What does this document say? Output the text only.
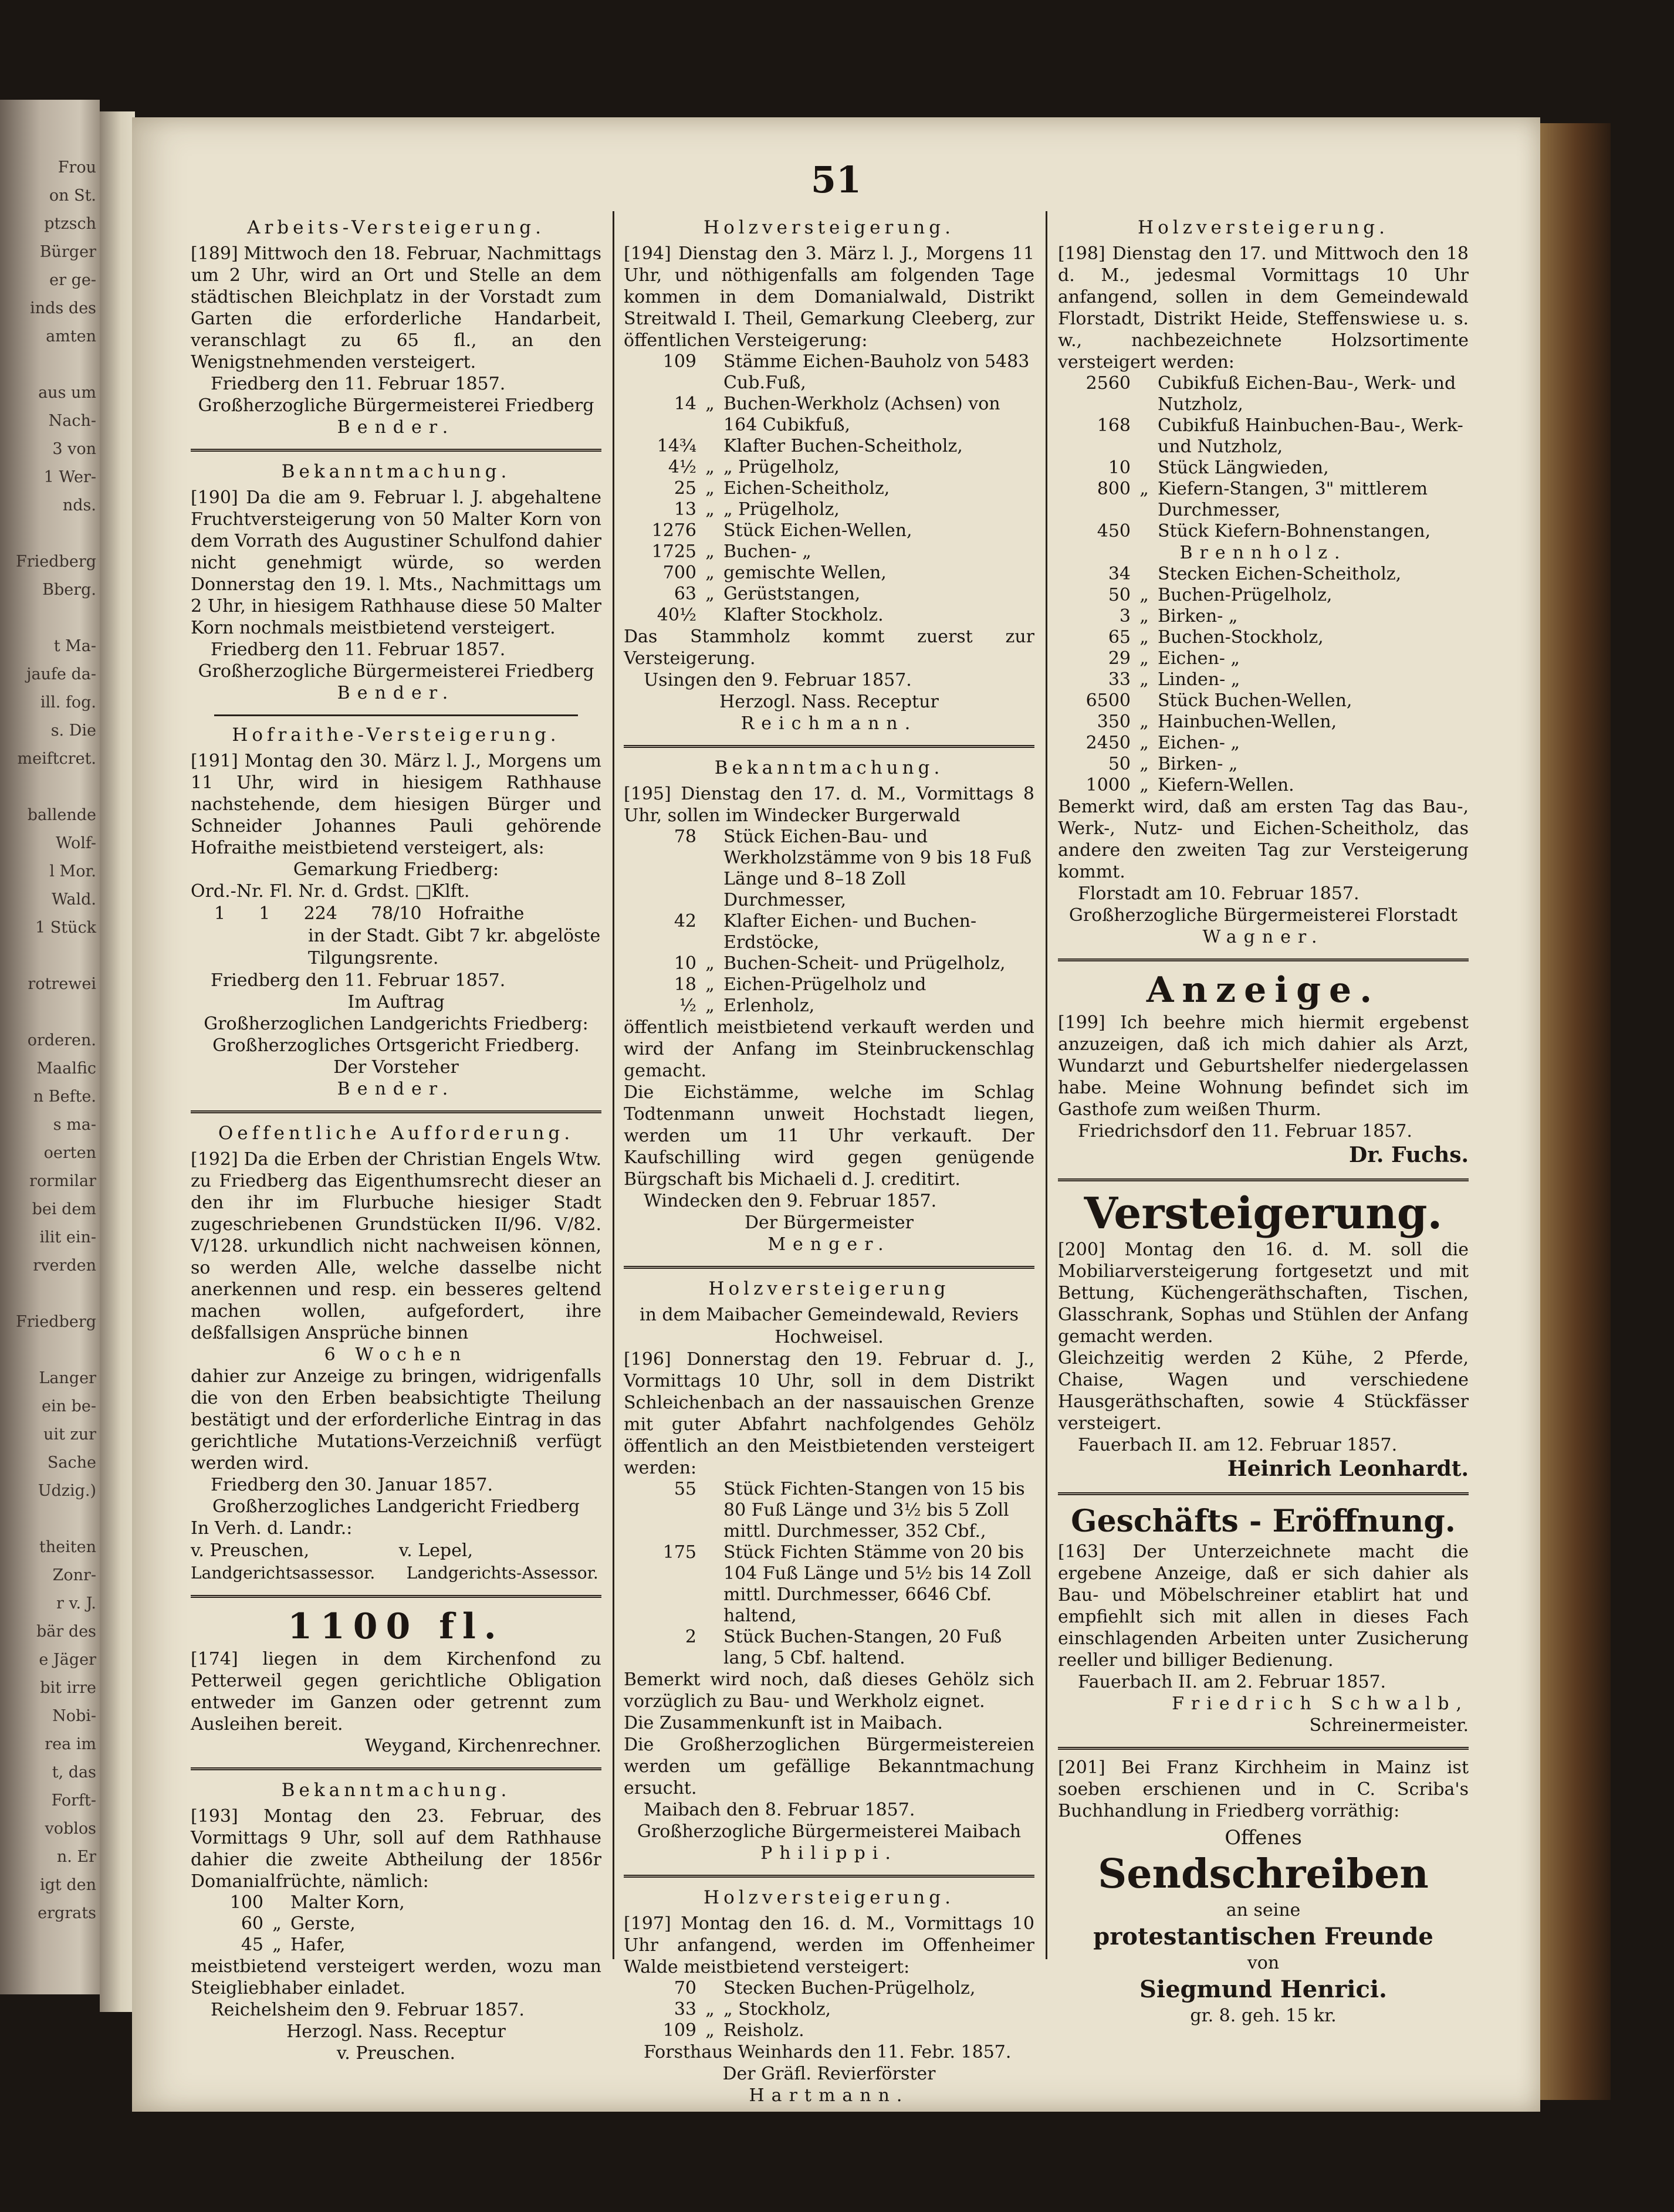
Frou
on St.
ptzsch
Bürger
er ge-
inds des
amten
aus um
Nach-
3 von
1 Wer-
nds.
Friedberg
Bberg.
t Ma-
jaufe da-
ill. fog.
s. Die
meiftcret.
ballende
Wolf-
l Mor.
Wald.
1 Stück
rotrewei
orderen.
Maalfic
n Befte.
s ma-
oerten
rormilar
bei dem
ilit ein-
rverden
Friedberg
Langer
ein be-
uit zur
Sache
Udzig.)
theiten
Zonr-
r v. J.
bär des
e Jäger
bit irre
Nobi-
rea im
t, das
Forft-
voblos
n. Er
igt den
ergrats
51
Arbeits-Versteigerung.

[189] Mittwoch den 18. Februar, Nachmittags um 2 Uhr, wird an Ort und Stelle an dem städtischen Bleichplatz in der Vorstadt zum Garten die erforderliche Handarbeit, veranschlagt zu 65 fl., an den Wenigstnehmenden versteigert.

Friedberg den 11. Februar 1857.
Großherzogliche Bürgermeisterei Friedberg
Bender.
Bekanntmachung.

[190] Da die am 9. Februar l. J. abgehaltene Fruchtversteigerung von 50 Malter Korn von dem Vorrath des Augustiner Schulfond dahier nicht genehmigt würde, so werden Donnerstag den 19. l. Mts., Nachmittags um 2 Uhr, in hiesigem Rathhause diese 50 Malter Korn nochmals meistbietend versteigert.

Friedberg den 11. Februar 1857.
Großherzogliche Bürgermeisterei Friedberg
Bender.
Hofraithe-Versteigerung.

[191] Montag den 30. März l. J., Morgens um 11 Uhr, wird in hiesigem Rathhause nachstehende, dem hiesigen Bürger und Schneider Johannes Pauli gehörende Hofraithe meistbietend versteigert, als:

Gemarkung Friedberg:
Ord.-Nr. Fl. Nr. d. Grdst. □Klft.
1      1      224      78/10   Hofraithe
in der Stadt. Gibt 7 kr. abgelöste Tilgungsrente.
Friedberg den 11. Februar 1857.
Im Auftrag
Großherzoglichen Landgerichts Friedberg:
Großherzogliches Ortsgericht Friedberg.
Der Vorsteher
Bender.
Oeffentliche Aufforderung.

[192] Da die Erben der Christian Engels Wtw. zu Friedberg das Eigenthumsrecht dieser an den ihr im Flurbuche hiesiger Stadt zugeschriebenen Grundstücken II/96. V/82. V/128. urkundlich nicht nachweisen können, so werden Alle, welche dasselbe nicht anerkennen und resp. ein besseres geltend machen wollen, aufgefordert, ihre deßfallsigen Ansprüche binnen

6 Wochen

dahier zur Anzeige zu bringen, widrigenfalls die von den Erben beabsichtigte Theilung bestätigt und der erforderliche Eintrag in das gerichtliche Mutations-Verzeichniß verfügt werden wird.

Friedberg den 30. Januar 1857.
Großherzogliches Landgericht Friedberg
In Verh. d. Landr.:
v. Preuschen,                v. Lepel,
Landgerichtsassessor.      Landgerichts-Assessor.
1100 fl.

[174] liegen in dem Kirchenfond zu Petterweil gegen gerichtliche Obligation entweder im Ganzen oder getrennt zum Ausleihen bereit.

Weygand, Kirchenrechner.
Bekanntmachung.

[193] Montag den 23. Februar, des Vormittags 9 Uhr, soll auf dem Rathhause dahier die zweite Abtheilung der 1856r Domanialfrüchte, nämlich:

100		Malter Korn,
60	„	Gerste,
45	„	Hafer,

meistbietend versteigert werden, wozu man Steigliebhaber einladet.

Reichelsheim den 9. Februar 1857.
Herzogl. Nass. Receptur
v. Preuschen.
Holzversteigerung.

[194] Dienstag den 3. März l. J., Morgens 11 Uhr, und nöthigenfalls am folgenden Tage kommen in dem Domanialwald, Distrikt Streitwald I. Theil, Gemarkung Cleeberg, zur öffentlichen Versteigerung:

109		Stämme Eichen-Bauholz von 5483 Cub.Fuß,
14	„	Buchen-Werkholz (Achsen) von 164 Cubikfuß,
14¾		Klafter Buchen-Scheitholz,
4½	„	„ Prügelholz,
25	„	Eichen-Scheitholz,
13	„	„ Prügelholz,
1276		Stück Eichen-Wellen,
1725	„	Buchen- „
700	„	gemischte Wellen,
63	„	Gerüststangen,
40½		Klafter Stockholz.

Das Stammholz kommt zuerst zur Versteigerung.

Usingen den 9. Februar 1857.
Herzogl. Nass. Receptur
Reichmann.
Bekanntmachung.

[195] Dienstag den 17. d. M., Vormittags 8 Uhr, sollen im Windecker Burgerwald

78		Stück Eichen-Bau- und Werkholzstämme von 9 bis 18 Fuß Länge und 8–18 Zoll Durchmesser,
42		Klafter Eichen- und Buchen-Erdstöcke,
10	„	Buchen-Scheit- und Prügelholz,
18	„	Eichen-Prügelholz und
½	„	Erlenholz,

öffentlich meistbietend verkauft werden und wird der Anfang im Steinbruckenschlag gemacht.

Die Eichstämme, welche im Schlag Todtenmann unweit Hochstadt liegen, werden um 11 Uhr verkauft. Der Kaufschilling wird gegen genügende Bürgschaft bis Michaeli d. J. creditirt.

Windecken den 9. Februar 1857.
Der Bürgermeister
Menger.
Holzversteigerung
in dem Maibacher Gemeindewald, Reviers Hochweisel.

[196] Donnerstag den 19. Februar d. J., Vormittags 10 Uhr, soll in dem Distrikt Schleichenbach an der nassauischen Grenze mit guter Abfahrt nachfolgendes Gehölz öffentlich an den Meistbietenden versteigert werden:

55		Stück Fichten-Stangen von 15 bis 80 Fuß Länge und 3½ bis 5 Zoll mittl. Durchmesser, 352 Cbf.,
175		Stück Fichten Stämme von 20 bis 104 Fuß Länge und 5½ bis 14 Zoll mittl. Durchmesser, 6646 Cbf. haltend,
2		Stück Buchen-Stangen, 20 Fuß lang, 5 Cbf. haltend.

Bemerkt wird noch, daß dieses Gehölz sich vorzüglich zu Bau- und Werkholz eignet.

Die Zusammenkunft ist in Maibach.

Die Großherzoglichen Bürgermeistereien werden um gefällige Bekanntmachung ersucht.

Maibach den 8. Februar 1857.
Großherzogliche Bürgermeisterei Maibach
Philippi.
Holzversteigerung.

[197] Montag den 16. d. M., Vormittags 10 Uhr anfangend, werden im Offenheimer Walde meistbietend versteigert:

70		Stecken Buchen-Prügelholz,
33	„	„ Stockholz,
109	„	Reisholz.
Forsthaus Weinhards den 11. Febr. 1857.
Der Gräfl. Revierförster
Hartmann.
Holzversteigerung.

[198] Dienstag den 17. und Mittwoch den 18 d. M., jedesmal Vormittags 10 Uhr anfangend, sollen in dem Gemeindewald Florstadt, Distrikt Heide, Steffenswiese u. s. w., nachbezeichnete Holzsortimente versteigert werden:

2560		Cubikfuß Eichen-Bau-, Werk- und Nutzholz,
168		Cubikfuß Hainbuchen-Bau-, Werk- und Nutzholz,
10		Stück Längwieden,
800	„	Kiefern-Stangen, 3" mittlerem Durchmesser,
450		Stück Kiefern-Bohnenstangen,
Brennholz.
34		Stecken Eichen-Scheitholz,
50	„	Buchen-Prügelholz,
3	„	Birken- „
65	„	Buchen-Stockholz,
29	„	Eichen- „
33	„	Linden- „
6500		Stück Buchen-Wellen,
350	„	Hainbuchen-Wellen,
2450	„	Eichen- „
50	„	Birken- „
1000	„	Kiefern-Wellen.

Bemerkt wird, daß am ersten Tag das Bau-, Werk-, Nutz- und Eichen-Scheitholz, das andere den zweiten Tag zur Versteigerung kommt.

Florstadt am 10. Februar 1857.
Großherzogliche Bürgermeisterei Florstadt
Wagner.
Anzeige.

[199] Ich beehre mich hiermit ergebenst anzuzeigen, daß ich mich dahier als Arzt, Wundarzt und Geburtshelfer niedergelassen habe. Meine Wohnung befindet sich im Gasthofe zum weißen Thurm.

Friedrichsdorf den 11. Februar 1857.
Dr. Fuchs.
Versteigerung.

[200] Montag den 16. d. M. soll die Mobiliarversteigerung fortgesetzt und mit Bettung, Küchengeräthschaften, Tischen, Glasschrank, Sophas und Stühlen der Anfang gemacht werden.

Gleichzeitig werden 2 Kühe, 2 Pferde, Chaise, Wagen und verschiedene Hausgeräthschaften, sowie 4 Stückfässer versteigert.

Fauerbach II. am 12. Februar 1857.
Heinrich Leonhardt.
Geschäfts - Eröffnung.

[163] Der Unterzeichnete macht die ergebene Anzeige, daß er sich dahier als Bau- und Möbelschreiner etablirt hat und empfiehlt sich mit allen in dieses Fach einschlagenden Arbeiten unter Zusicherung reeller und billiger Bedienung.

Fauerbach II. am 2. Februar 1857.
Friedrich Schwalb,
Schreinermeister.

[201] Bei Franz Kirchheim in Mainz ist soeben erschienen und in C. Scriba's Buchhandlung in Friedberg vorräthig:

Offenes
Sendschreiben
an seine
protestantischen Freunde
von
Siegmund Henrici.
gr. 8. geh. 15 kr.
